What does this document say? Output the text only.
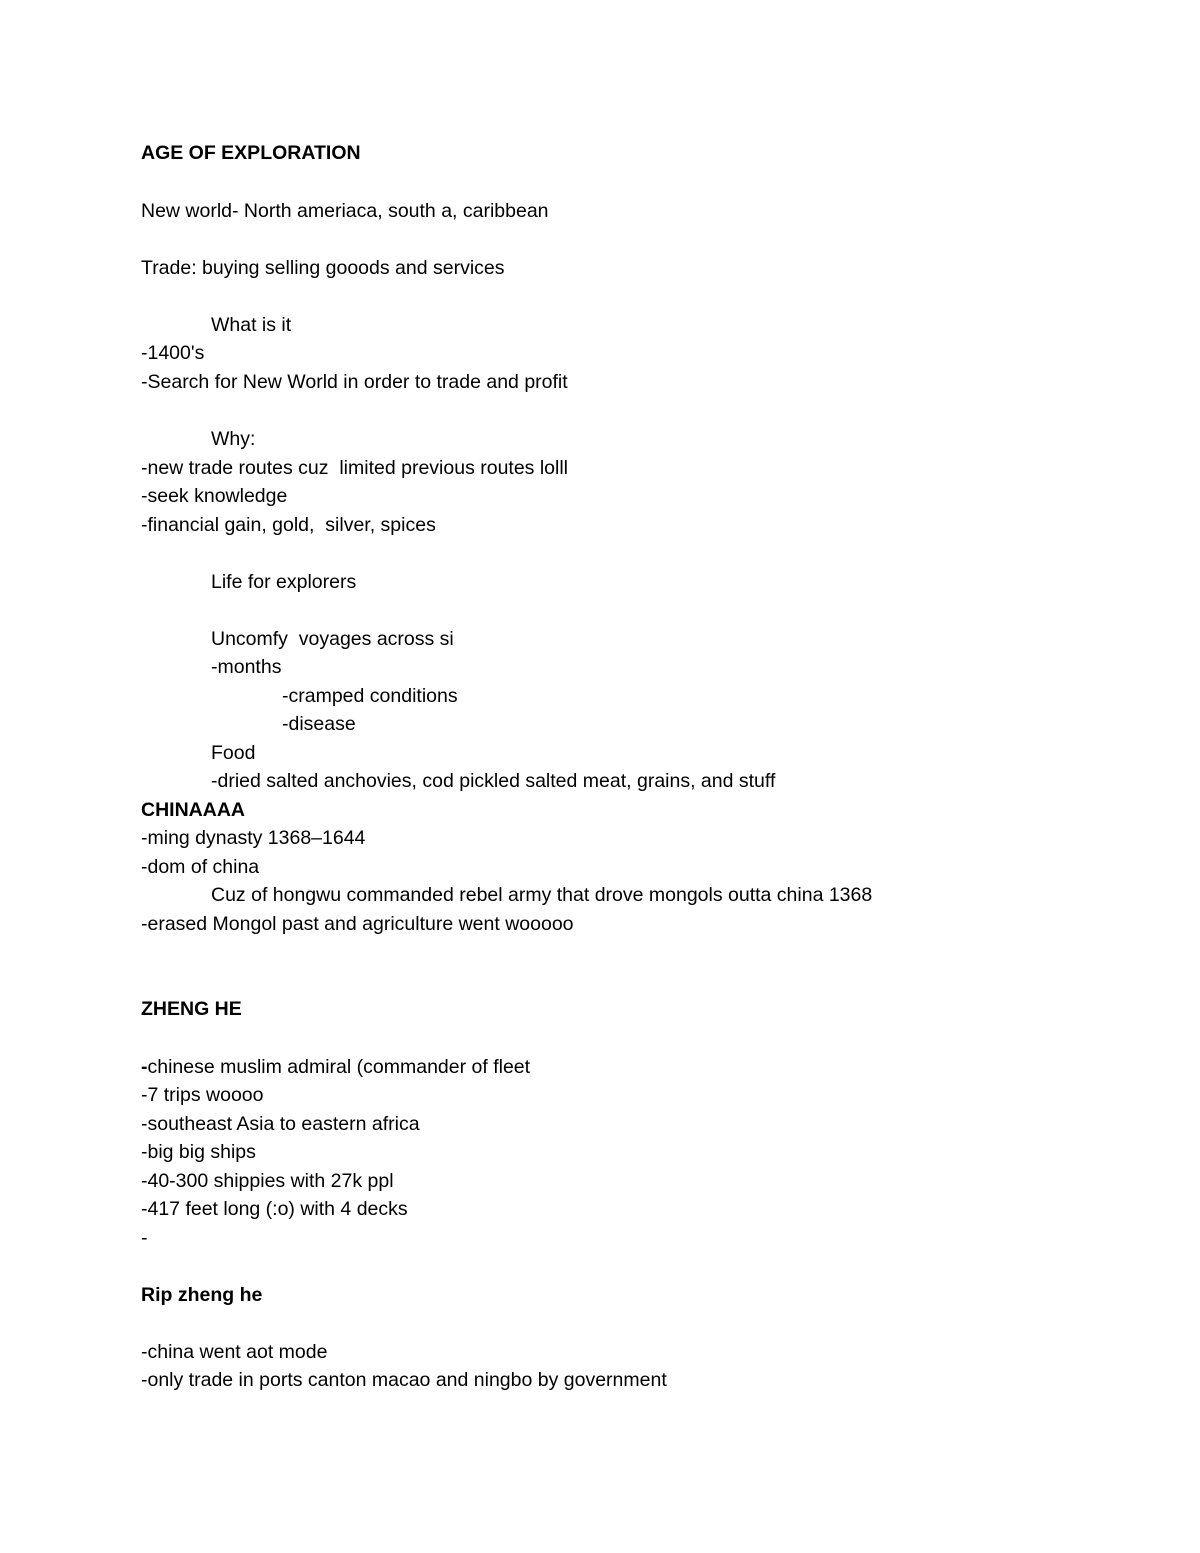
AGE OF EXPLORATION
New world- North ameriaca, south a, caribbean
Trade: buying selling gooods and services
What is it
-1400's
-Search for New World in order to trade and profit
Why:
-new trade routes cuz  limited previous routes lolll
-seek knowledge
-financial gain, gold,  silver, spices
Life for explorers
Uncomfy  voyages across si
-months
-cramped conditions
-disease
Food
-dried salted anchovies, cod pickled salted meat, grains, and stuff
CHINAAAA
-ming dynasty 1368–1644
-dom of china
Cuz of hongwu commanded rebel army that drove mongols outta china 1368
-erased Mongol past and agriculture went wooooo
ZHENG HE
-chinese muslim admiral (commander of fleet
-7 trips woooo
-southeast Asia to eastern africa
-big big ships
-40-300 shippies with 27k ppl
-417 feet long (:o) with 4 decks
-
Rip zheng he
-china went aot mode
-only trade in ports canton macao and ningbo by government
